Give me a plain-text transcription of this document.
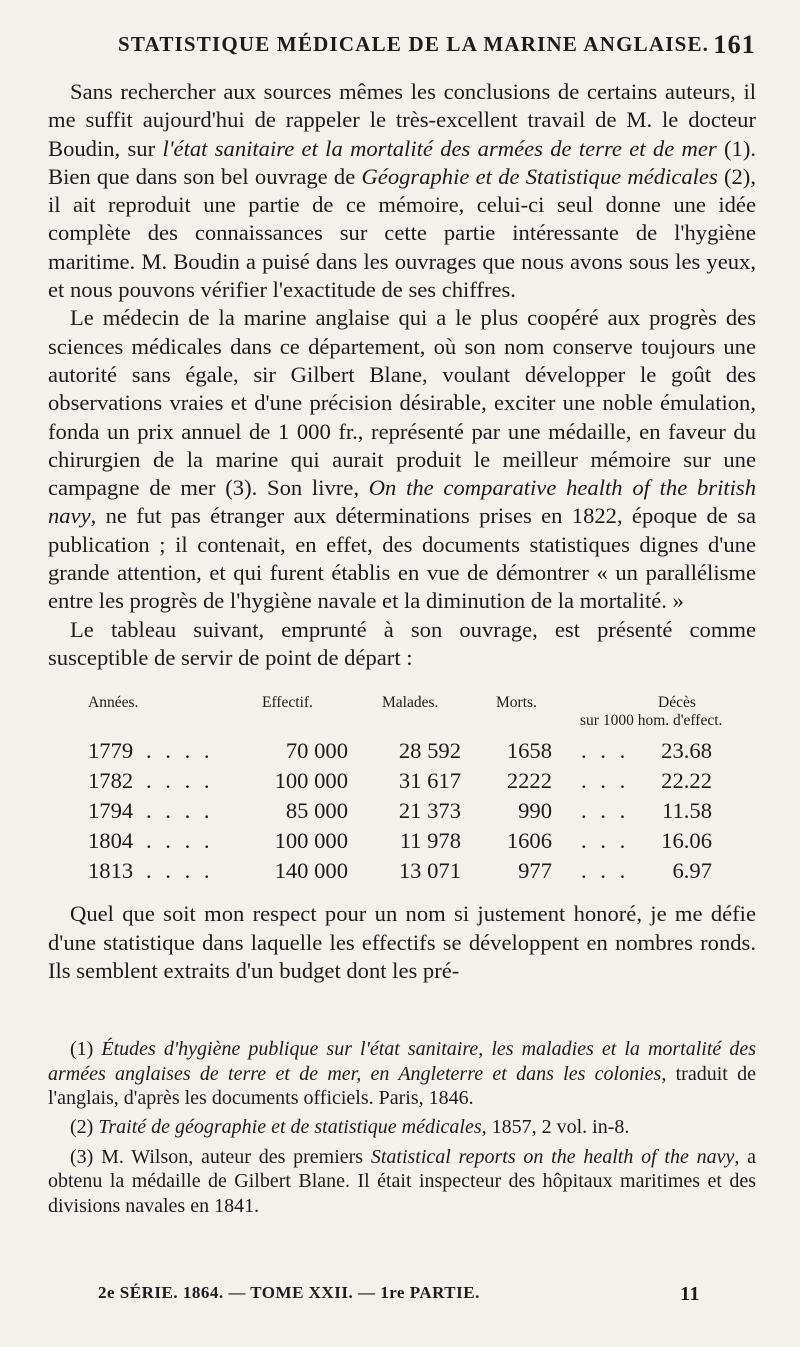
STATISTIQUE MÉDICALE DE LA MARINE ANGLAISE. 161

Sans rechercher aux sources mêmes les conclusions de certains auteurs, il me suffit aujourd'hui de rappeler le très-excellent travail de M. le docteur Boudin, sur l'état sanitaire et la mortalité des armées de terre et de mer (1). Bien que dans son bel ouvrage de Géographie et de Statistique médicales (2), il ait reproduit une partie de ce mémoire, celui-ci seul donne une idée complète des connaissances sur cette partie intéressante de l'hygiène maritime. M. Boudin a puisé dans les ouvrages que nous avons sous les yeux, et nous pouvons vérifier l'exactitude de ses chiffres.

Le médecin de la marine anglaise qui a le plus coopéré aux progrès des sciences médicales dans ce département, où son nom conserve toujours une autorité sans égale, sir Gilbert Blane, voulant développer le goût des observations vraies et d'une précision désirable, exciter une noble émulation, fonda un prix annuel de 1 000 fr., représenté par une médaille, en faveur du chirurgien de la marine qui aurait produit le meilleur mémoire sur une campagne de mer (3). Son livre, On the comparative health of the british navy, ne fut pas étranger aux déterminations prises en 1822, époque de sa publication ; il contenait, en effet, des documents statistiques dignes d'une grande attention, et qui furent établis en vue de démontrer « un parallélisme entre les progrès de l'hygiène navale et la diminution de la mortalité. »

Le tableau suivant, emprunté à son ouvrage, est présenté comme susceptible de servir de point de départ :

Années.	Effectif.	Malades.	Morts.	Décès
sur 1000 hom. d'effect.
1779 . . . .	70 000	28 592	1658 . . .	23.68
1782 . . . .	100 000	31 617	2222 . . .	22.22
1794 . . . .	85 000	21 373	990 . . .	11.58
1804 . . . .	100 000	11 978	1606 . . .	16.06
1813 . . . .	140 000	13 071	977 . . .	6.97

Quel que soit mon respect pour un nom si justement honoré, je me défie d'une statistique dans laquelle les effectifs se développent en nombres ronds. Ils semblent extraits d'un budget dont les pré-

(1) Études d'hygiène publique sur l'état sanitaire, les maladies et la mortalité des armées anglaises de terre et de mer, en Angleterre et dans les colonies, traduit de l'anglais, d'après les documents officiels. Paris, 1846.

(2) Traité de géographie et de statistique médicales, 1857, 2 vol. in-8.

(3) M. Wilson, auteur des premiers Statistical reports on the health of the navy, a obtenu la médaille de Gilbert Blane. Il était inspecteur des hôpitaux maritimes et des divisions navales en 1841.

2e SÉRIE. 1864. — TOME XXII. — 1re PARTIE.	11
